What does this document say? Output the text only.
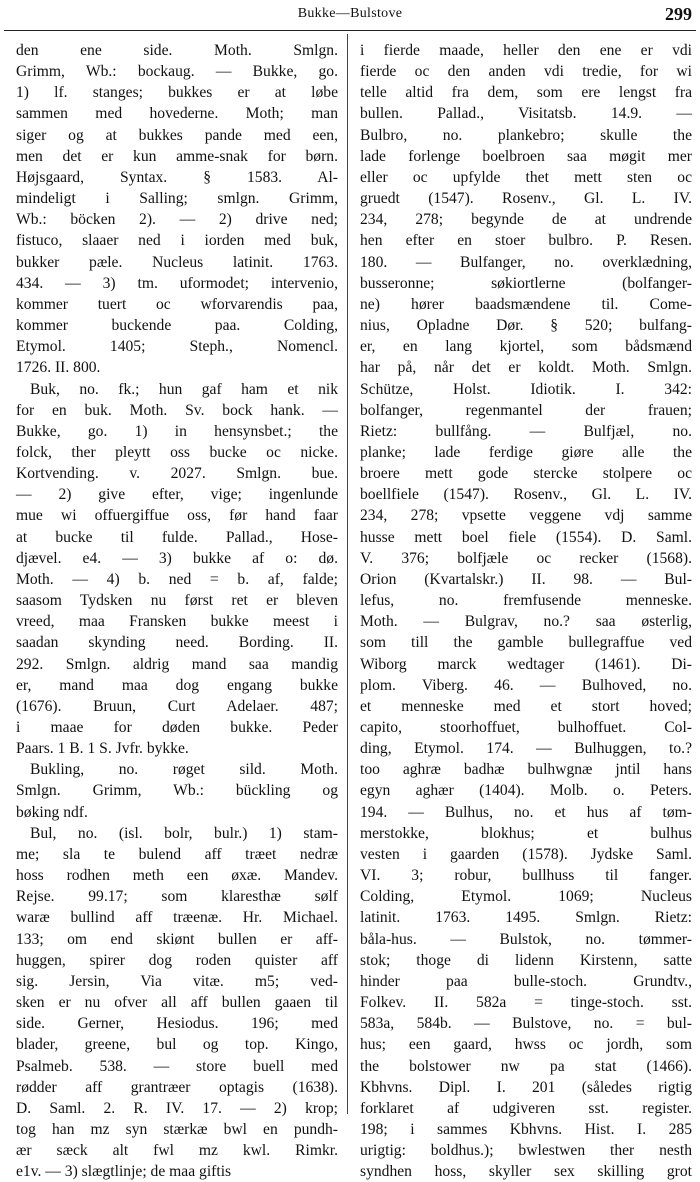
Bukke—Bulstove	299
den ene side. Moth. Smlgn.
Grimm, Wb.: bockaug. — Bukke, go.
1) lf. stanges; bukkes er at løbe
sammen med hovederne. Moth; man
siger og at bukkes pande med een,
men det er kun amme-snak for børn.
Højsgaard, Syntax. § 1583. Al-
mindeligt i Salling; smlgn. Grimm,
Wb.: böcken 2). — 2) drive ned;
fistuco, slaaer ned i iorden med buk,
bukker pæle. Nucleus latinit. 1763.
434. — 3) tm. uformodet; intervenio,
kommer tuert oc wforvarendis paa,
kommer buckende paa. Colding,
Etymol. 1405; Steph., Nomencl.
1726. II. 800.
Buk, no. fk.; hun gaf ham et nik
for en buk. Moth. Sv. bock hank. —
Bukke, go. 1) in hensynsbet.; the
folck, ther pleytt oss bucke oc nicke.
Kortvending. v. 2027. Smlgn. bue.
— 2) give efter, vige; ingenlunde
mue wi offuergiffue oss, før hand faar
at bucke til fulde. Pallad., Hose-
djævel. e4. — 3) bukke af o: dø.
Moth. — 4) b. ned = b. af, falde;
saasom Tydsken nu først ret er bleven
vreed, maa Fransken bukke meest i
saadan skynding need. Bording. II.
292. Smlgn. aldrig mand saa mandig
er, mand maa dog engang bukke
(1676). Bruun, Curt Adelaer. 487;
i maae for døden bukke. Peder
Paars. 1 B. 1 S. Jvfr. bykke.
Bukling, no. røget sild. Moth.
Smlgn. Grimm, Wb.: bückling og
bøking ndf.
Bul, no. (isl. bolr, bulr.) 1) stam-
me; sla te bulend aff træet nedræ
hoss rodhen meth een øxæ. Mandev.
Rejse. 99.17; som klaresthæ sølf
waræ bullind aff træenæ. Hr. Michael.
133; om end skiønt bullen er aff-
huggen, spirer dog roden quister aff
sig. Jersin, Via vitæ. m5; ved-
sken er nu ofver all aff bullen gaaen til
side. Gerner, Hesiodus. 196; med
blader, greene, bul og top. Kingo,
Psalmeb. 538. — store buell med
rødder aff grantræer optagis (1638).
D. Saml. 2. R. IV. 17. — 2) krop;
tog han mz syn stærkæ bwl en pundh-
ær sæck alt fwl mz kwl. Rimkr.
e1v. — 3) slægtlinje; de maa giftis
i fierde maade, heller den ene er vdi
fierde oc den anden vdi tredie, for wi
telle altid fra dem, som ere lengst fra
bullen. Pallad., Visitatsb. 14.9. —
Bulbro, no. plankebro; skulle the
lade forlenge boelbroen saa møgit mer
eller oc upfylde thet mett sten oc
gruedt (1547). Rosenv., Gl. L. IV.
234, 278; begynde de at undrende
hen efter en stoer bulbro. P. Resen.
180. — Bulfanger, no. overklædning,
busseronne; søkiortlerne (bolfanger-
ne) hører baadsmændene til. Come-
nius, Opladne Dør. § 520; bulfang-
er, en lang kjortel, som bådsmænd
har på, når det er koldt. Moth. Smlgn.
Schütze, Holst. Idiotik. I. 342:
bolfanger, regenmantel der frauen;
Rietz: bullfång. — Bulfjæl, no.
planke; lade ferdige giøre alle the
broere mett gode stercke stolpere oc
boellfiele (1547). Rosenv., Gl. L. IV.
234, 278; vpsette veggene vdj samme
husse mett boel fiele (1554). D. Saml.
V. 376; bolfjæle oc recker (1568).
Orion (Kvartalskr.) II. 98. — Bul-
lefus, no. fremfusende menneske.
Moth. — Bulgrav, no.? saa østerlig,
som till the gamble bullegraffue ved
Wiborg marck wedtager (1461). Di-
plom. Viberg. 46. — Bulhoved, no.
et menneske med et stort hoved;
capito, stoorhoffuet, bulhoffuet. Col-
ding, Etymol. 174. — Bulhuggen, to.?
too aghræ badhæ bulhwgnæ jntil hans
egyn aghær (1404). Molb. o. Peters.
194. — Bulhus, no. et hus af tøm-
merstokke, blokhus; et bulhus
vesten i gaarden (1578). Jydske Saml.
VI. 3; robur, bullhuss til fanger.
Colding, Etymol. 1069; Nucleus
latinit. 1763. 1495. Smlgn. Rietz:
båla-hus. — Bulstok, no. tømmer-
stok; thoge di lidenn Kirstenn, satte
hinder paa bulle-stoch. Grundtv.,
Folkev. II. 582a = tinge-stoch. sst.
583a, 584b. — Bulstove, no. = bul-
hus; een gaard, hwss oc jordh, som
the bolstower nw pa stat (1466).
Kbhvns. Dipl. I. 201 (således rigtig
forklaret af udgiveren sst. register.
198; i sammes Kbhvns. Hist. I. 285
urigtig: boldhus.); bwlestwen ther nesth
syndhen hoss, skyller sex skilling grot
